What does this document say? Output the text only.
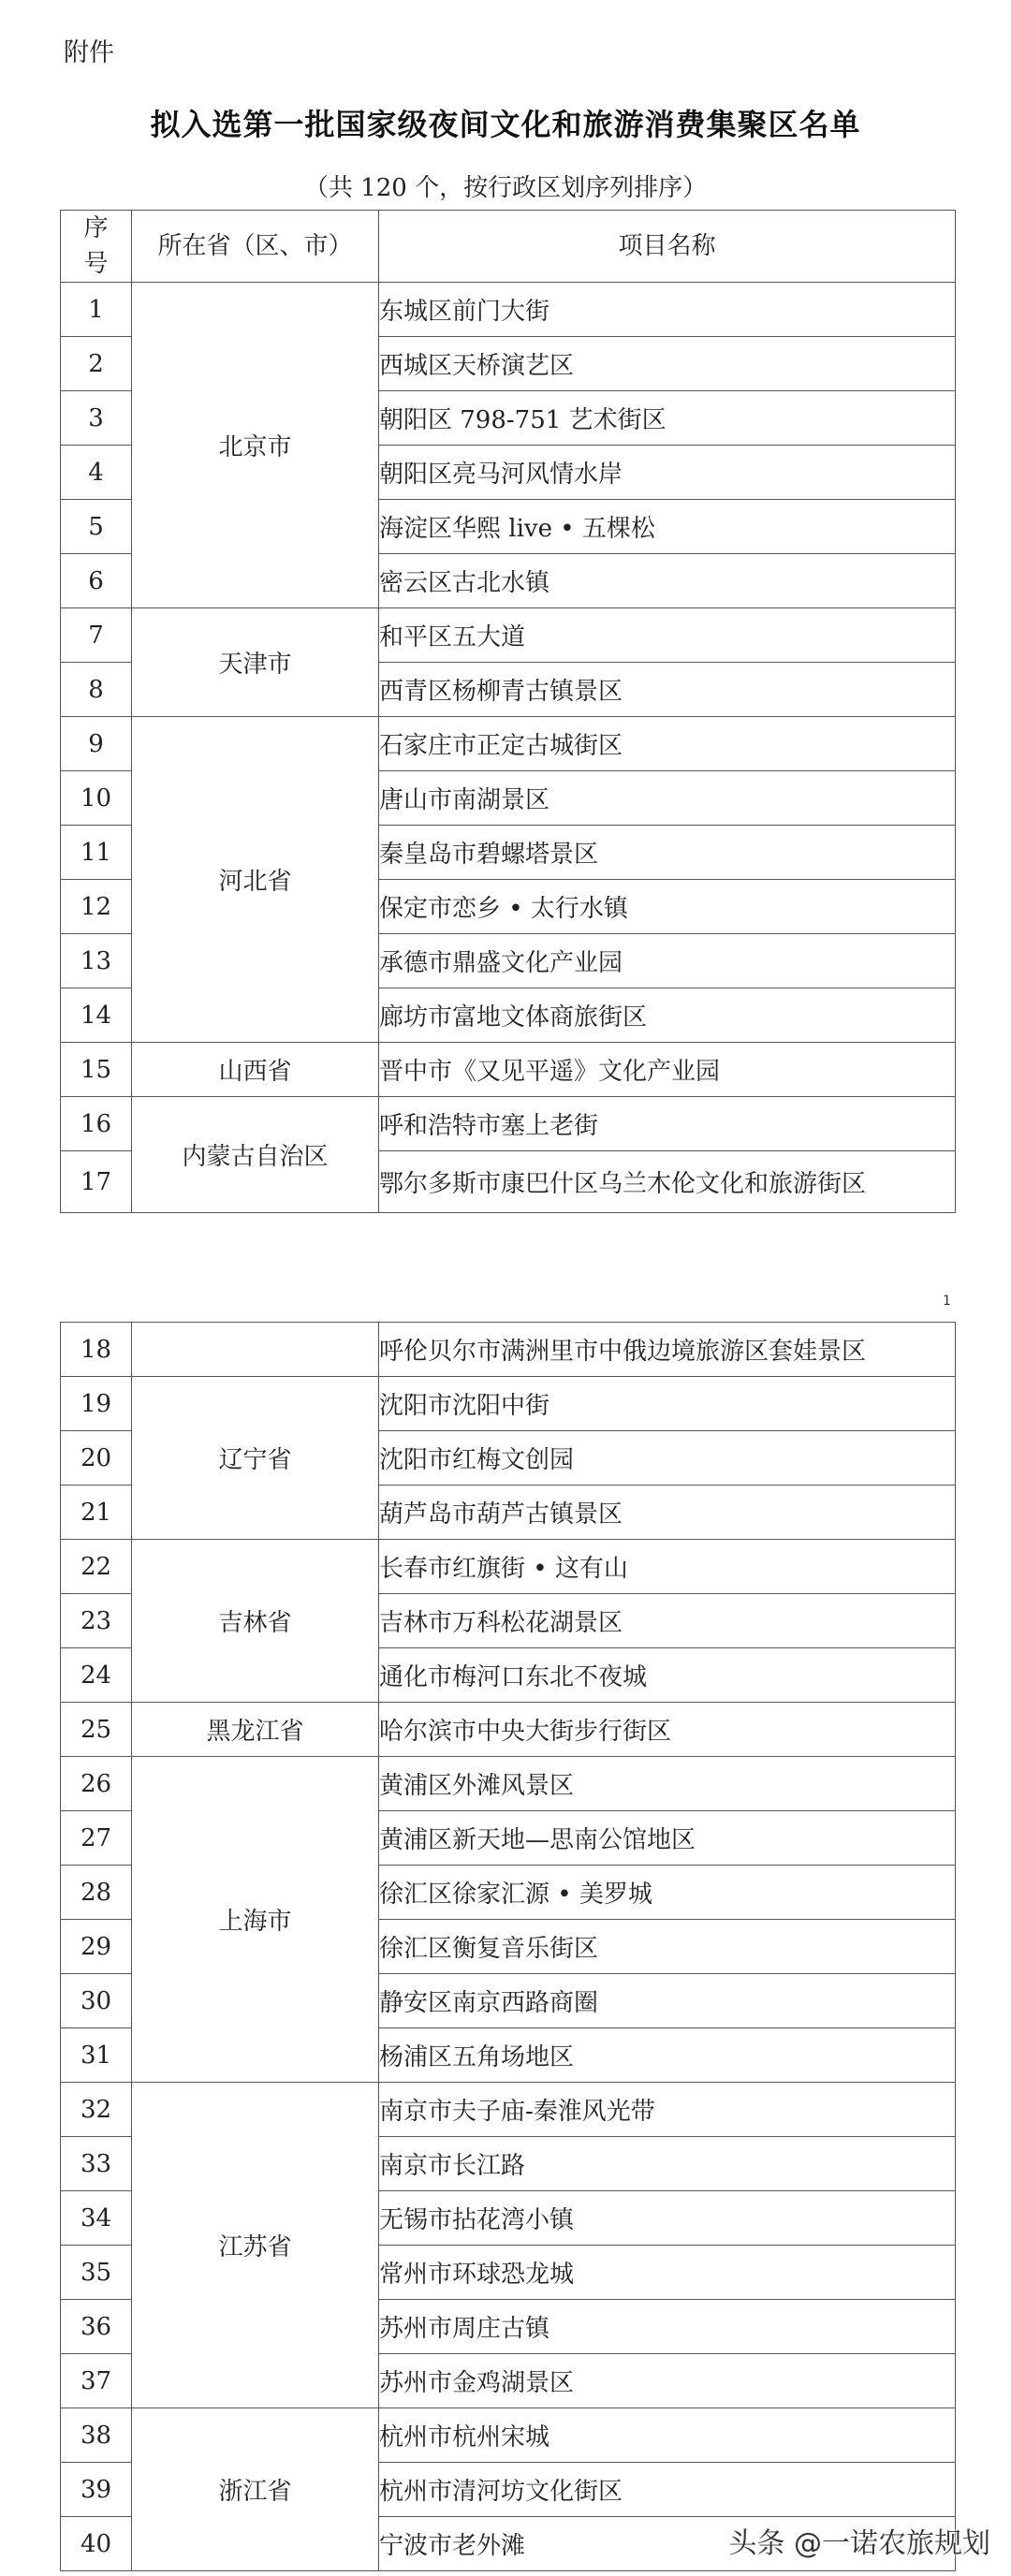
附件
拟入选第一批国家级夜间文化和旅游消费集聚区名单
（共 120 个，按行政区划序列排序）
序
号	所在省（区、市）	项目名称
1	北京市	东城区前门大街
2		西城区天桥演艺区
3		朝阳区 798-751 艺术街区
4		朝阳区亮马河风情水岸
5		海淀区华熙 live • 五棵松
6		密云区古北水镇
7	天津市	和平区五大道
8		西青区杨柳青古镇景区
9	河北省	石家庄市正定古城街区
10		唐山市南湖景区
11		秦皇岛市碧螺塔景区
12		保定市恋乡 • 太行水镇
13		承德市鼎盛文化产业园
14		廊坊市富地文体商旅街区
15	山西省	晋中市《又见平遥》文化产业园
16	内蒙古自治区	呼和浩特市塞上老街
17		鄂尔多斯市康巴什区乌兰木伦文化和旅游街区
1
18		呼伦贝尔市满洲里市中俄边境旅游区套娃景区
19	辽宁省	沈阳市沈阳中街
20		沈阳市红梅文创园
21		葫芦岛市葫芦古镇景区
22	吉林省	长春市红旗街 • 这有山
23		吉林市万科松花湖景区
24		通化市梅河口东北不夜城
25	黑龙江省	哈尔滨市中央大街步行街区
26	上海市	黄浦区外滩风景区
27		黄浦区新天地—思南公馆地区
28		徐汇区徐家汇源 • 美罗城
29		徐汇区衡复音乐街区
30		静安区南京西路商圈
31		杨浦区五角场地区
32	江苏省	南京市夫子庙-秦淮风光带
33		南京市长江路
34		无锡市拈花湾小镇
35		常州市环球恐龙城
36		苏州市周庄古镇
37		苏州市金鸡湖景区
38	浙江省	杭州市杭州宋城
39		杭州市清河坊文化街区
40		宁波市老外滩	头条 @一诺农旅规划
